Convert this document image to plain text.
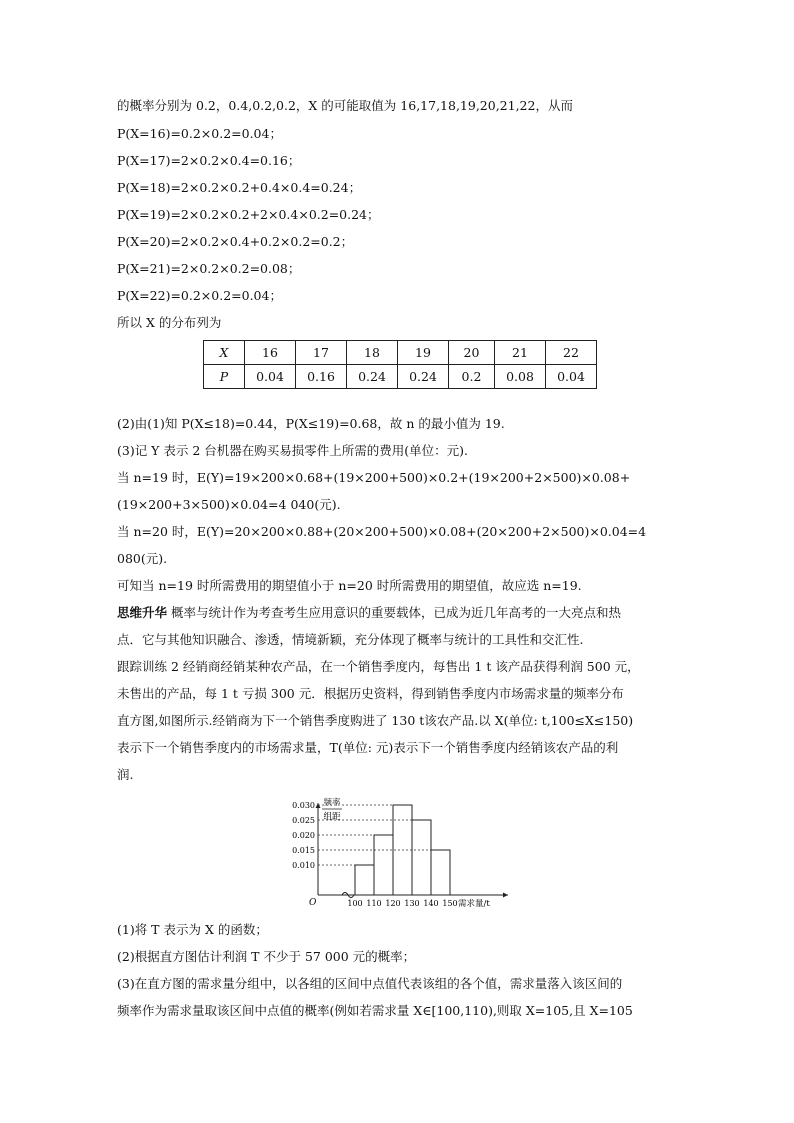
的概率分别为 0.2，0.4,0.2,0.2，X 的可能取值为 16,17,18,19,20,21,22，从而
P(X=16)=0.2×0.2=0.04；
P(X=17)=2×0.2×0.4=0.16；
P(X=18)=2×0.2×0.2+0.4×0.4=0.24；
P(X=19)=2×0.2×0.2+2×0.4×0.2=0.24；
P(X=20)=2×0.2×0.4+0.2×0.2=0.2；
P(X=21)=2×0.2×0.2=0.08；
P(X=22)=0.2×0.2=0.04；
所以 X 的分布列为
X	16	17	18	19	20	21	22
P	0.04	0.16	0.24	0.24	0.2	0.08	0.04
(2)由(1)知 P(X≤18)=0.44，P(X≤19)=0.68，故 n 的最小值为 19.
(3)记 Y 表示 2 台机器在购买易损零件上所需的费用(单位：元).
当 n=19 时，E(Y)=19×200×0.68+(19×200+500)×0.2+(19×200+2×500)×0.08+
(19×200+3×500)×0.04=4 040(元).
当 n=20 时，E(Y)=20×200×0.88+(20×200+500)×0.08+(20×200+2×500)×0.04=4
080(元).
可知当 n=19 时所需费用的期望值小于 n=20 时所需费用的期望值，故应选 n=19.
思维升华 概率与统计作为考查考生应用意识的重要载体，已成为近几年高考的一大亮点和热
点．它与其他知识融合、渗透，情境新颖，充分体现了概率与统计的工具性和交汇性.
跟踪训练 2 经销商经销某种农产品，在一个销售季度内，每售出 1 t 该产品获得利润 500 元，
未售出的产品，每 1 t 亏损 300 元．根据历史资料，得到销售季度内市场需求量的频率分布
直方图,如图所示.经销商为下一个销售季度购进了 130 t该农产品.以 X(单位: t,100≤X≤150)
表示下一个销售季度内的市场需求量，T(单位: 元)表示下一个销售季度内经销该农产品的利
润.
频率
组距
O
0.030
0.025
0.020
0.015
0.010
100 110 120 130 140 150 需求量/t
(1)将 T 表示为 X 的函数；
(2)根据直方图估计利润 T 不少于 57 000 元的概率；
(3)在直方图的需求量分组中，以各组的区间中点值代表该组的各个值，需求量落入该区间的
频率作为需求量取该区间中点值的概率(例如若需求量 X∈[100,110),则取 X=105,且 X=105
